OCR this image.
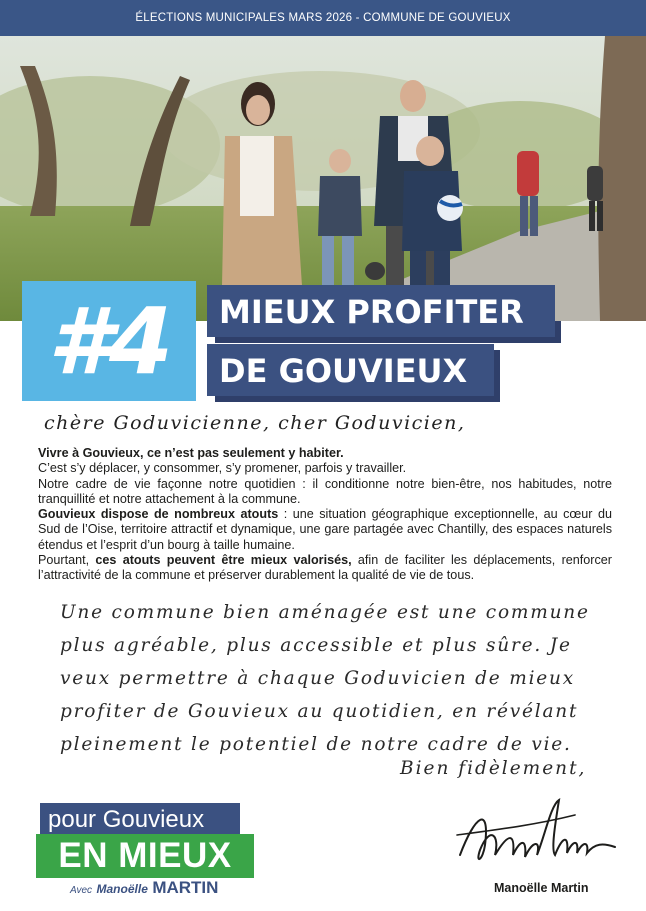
ÉLECTIONS MUNICIPALES MARS 2026 - COMMUNE DE GOUVIEUX
#4	MIEUX PROFITER
DE GOUVIEUX
chère Goduvicienne, cher Goduvicien,

Vivre à Gouvieux, ce n’est pas seulement y habiter.

C’est s’y déplacer, y consommer, s’y promener, parfois y travailler.

Notre cadre de vie façonne notre quotidien : il conditionne notre bien-être, nos habitudes, notre tranquillité et notre attachement à la commune.

Gouvieux dispose de nombreux atouts : une situation géographique exceptionnelle, au cœur du Sud de l’Oise, territoire attractif et dynamique, une gare partagée avec Chantilly, des espaces naturels étendus et l’esprit d’un bourg à taille humaine.

Pourtant, ces atouts peuvent être mieux valorisés, afin de faciliter les déplacements, renforcer l’attractivité de la commune et préserver durablement la qualité de vie de tous.

Une commune bien aménagée est une commune

plus agréable, plus accessible et plus sûre. Je

veux permettre à chaque Goduvicien de mieux

profiter de Gouvieux au quotidien, en révélant

pleinement le potentiel de notre cadre de vie.

Bien fidèlement,
Manoëlle Martin
pour Gouvieux
EN MIEUX
Avec Manoëlle MARTIN
